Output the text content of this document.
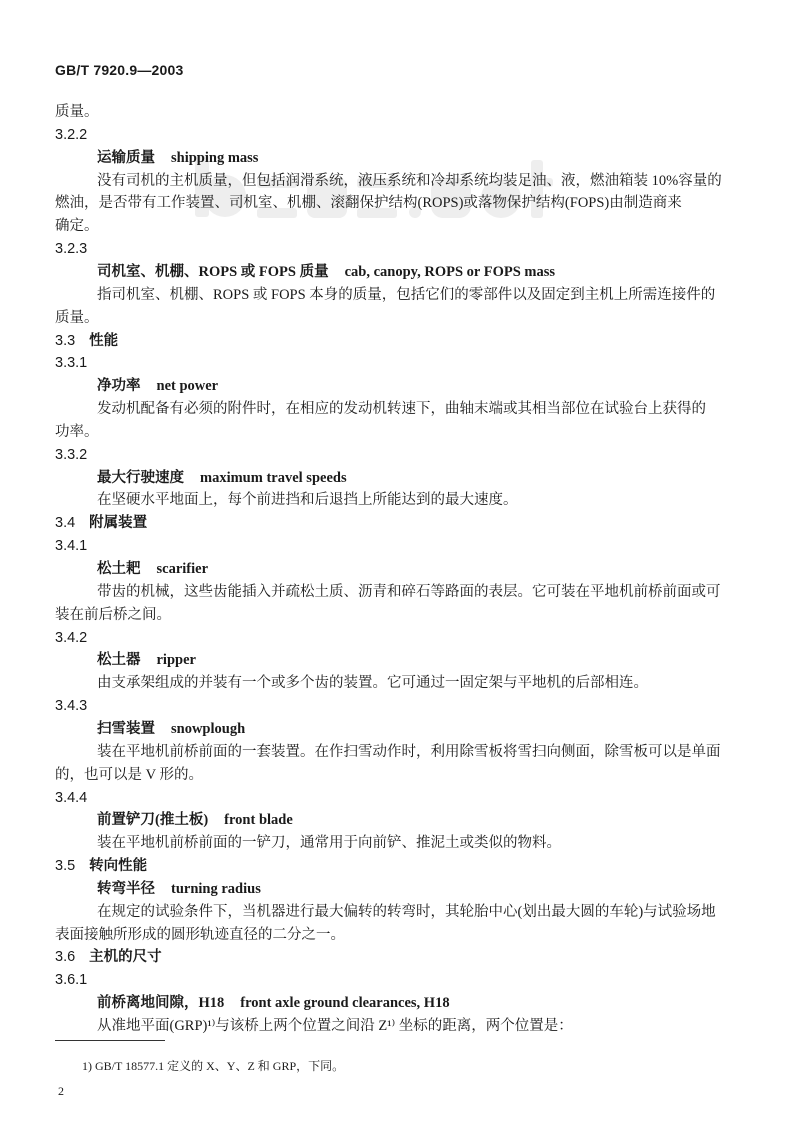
GB/T 7920.9—2003
质量。
3.2.2
运输质量 shipping mass
没有司机的主机质量，但包括润滑系统，液压系统和冷却系统均装足油、液，燃油箱装 10%容量的
燃油，是否带有工作装置、司机室、机棚、滚翻保护结构(ROPS)或落物保护结构(FOPS)由制造商来
确定。
3.2.3
司机室、机棚、ROPS 或 FOPS 质量 cab, canopy, ROPS or FOPS mass
指司机室、机棚、ROPS 或 FOPS 本身的质量，包括它们的零部件以及固定到主机上所需连接件的
质量。
3.3 性能
3.3.1
净功率 net power
发动机配备有必须的附件时，在相应的发动机转速下，曲轴末端或其相当部位在试验台上获得的
功率。
3.3.2
最大行驶速度 maximum travel speeds
在坚硬水平地面上，每个前进挡和后退挡上所能达到的最大速度。
3.4 附属装置
3.4.1
松土耙 scarifier
带齿的机械，这些齿能插入并疏松土质、沥青和碎石等路面的表层。它可装在平地机前桥前面或可
装在前后桥之间。
3.4.2
松土器 ripper
由支承架组成的并装有一个或多个齿的装置。它可通过一固定架与平地机的后部相连。
3.4.3
扫雪装置 snowplough
装在平地机前桥前面的一套装置。在作扫雪动作时，利用除雪板将雪扫向侧面，除雪板可以是单面
的，也可以是 V 形的。
3.4.4
前置铲刀(推土板) front blade
装在平地机前桥前面的一铲刀，通常用于向前铲、推泥土或类似的物料。
3.5 转向性能
转弯半径 turning radius
在规定的试验条件下，当机器进行最大偏转的转弯时，其轮胎中心(划出最大圆的车轮)与试验场地
表面接触所形成的圆形轨迹直径的二分之一。
3.6 主机的尺寸
3.6.1
前桥离地间隙，H18 front axle ground clearances, H18
从准地平面(GRP)¹⁾与该桥上两个位置之间沿 Z¹⁾ 坐标的距离，两个位置是：
1) GB/T 18577.1 定义的 X、Y、Z 和 GRP，下同。
2
